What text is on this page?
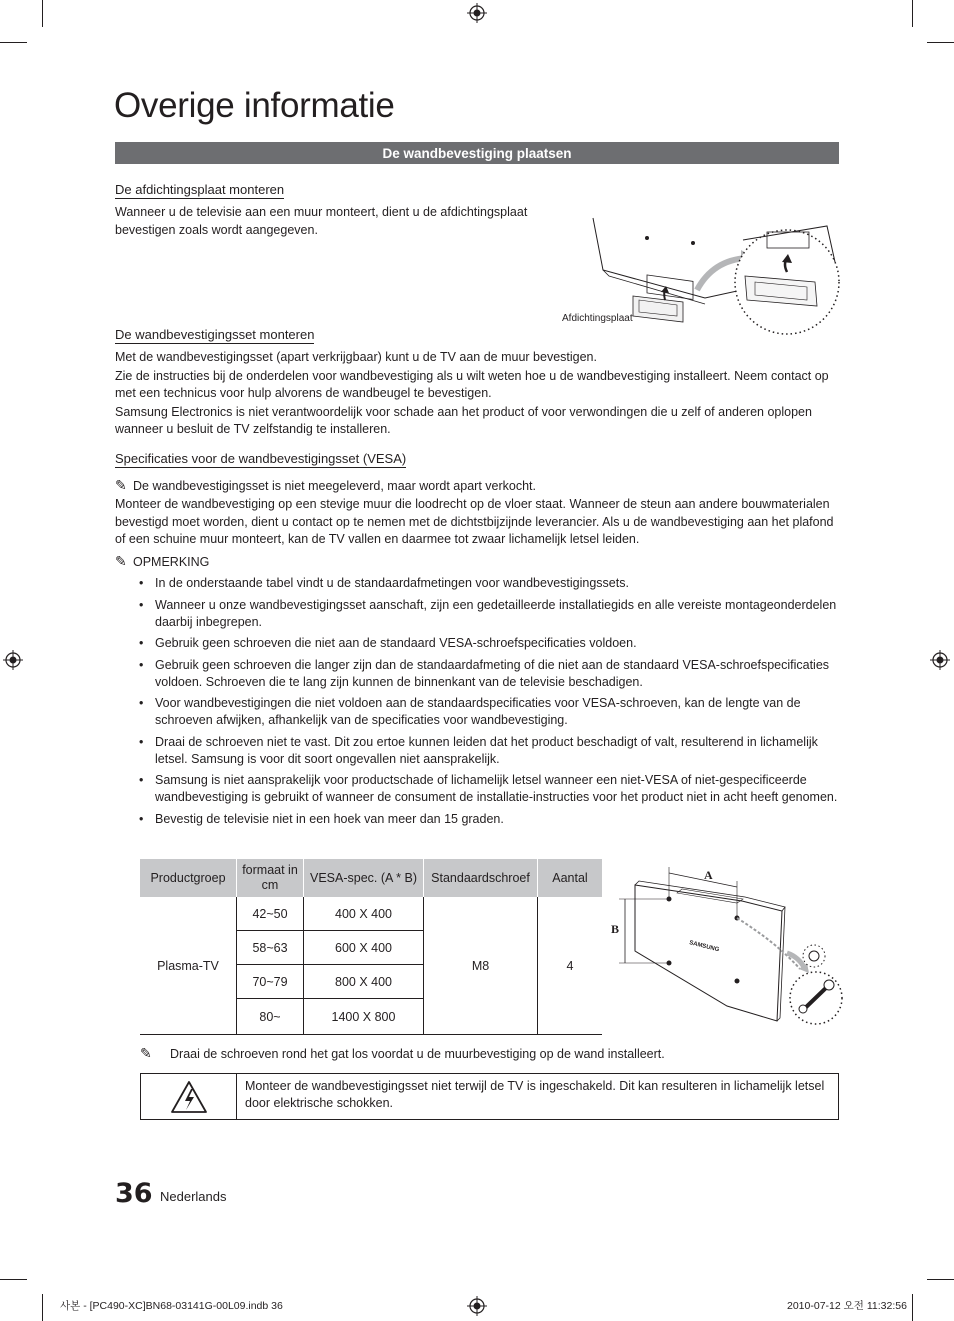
Overige informatie
De wandbevestiging plaatsen
De afdichtingsplaat monteren
Wanneer u de televisie aan een muur monteert, dient u de afdichtingsplaat bevestigen zoals wordt aangegeven.
Afdichtingsplaat
De wandbevestigingsset monteren

Met de wandbevestigingsset (apart verkrijgbaar) kunt u de TV aan de muur bevestigen.

Zie de instructies bij de onderdelen voor wandbevestiging als u wilt weten hoe u de wandbevestiging installeert. Neem contact op met een technicus voor hulp alvorens de wandbeugel te bevestigen.

Samsung Electronics is niet verantwoordelijk voor schade aan het product of voor verwondingen die u zelf of anderen oplopen wanneer u besluit de TV zelfstandig te installeren.

Specificaties voor de wandbevestigingsset (VESA)
✎ De wandbevestigingsset is niet meegeleverd, maar wordt apart verkocht.
Monteer de wandbevestiging op een stevige muur die loodrecht op de vloer staat. Wanneer de steun aan andere bouwmaterialen bevestigd moet worden, dient u contact op te nemen met de dichtstbijzijnde leverancier. Als u de wandbevestiging aan het plafond of een schuine muur monteert, kan de TV vallen en daarmee tot zwaar lichamelijk letsel leiden.
✎ OPMERKING
• In de onderstaande tabel vindt u de standaardafmetingen voor wandbevestigingssets.
• Wanneer u onze wandbevestigingsset aanschaft, zijn een gedetailleerde installatiegids en alle vereiste montageonderdelen daarbij inbegrepen.
• Gebruik geen schroeven die niet aan de standaard VESA-schroefspecificaties voldoen.
• Gebruik geen schroeven die langer zijn dan de standaardafmeting of die niet aan de standaard VESA-schroefspecificaties voldoen. Schroeven die te lang zijn kunnen de binnenkant van de televisie beschadigen.
• Voor wandbevestigingen die niet voldoen aan de standaardspecificaties voor VESA-schroeven, kan de lengte van de schroeven afwijken, afhankelijk van de specificaties voor wandbevestiging.
• Draai de schroeven niet te vast. Dit zou ertoe kunnen leiden dat het product beschadigt of valt, resulterend in lichamelijk letsel. Samsung is voor dit soort ongevallen niet aansprakelijk.
• Samsung is niet aansprakelijk voor productschade of lichamelijk letsel wanneer een niet-VESA of niet-gespecificeerde wandbevestiging is gebruikt of wanneer de consument de installatie-instructies voor het product niet in acht heeft genomen.
• Bevestig de televisie niet in een hoek van meer dan 15 graden.
Productgroep	formaat in cm	VESA-spec. (A * B)	Standaardschroef	Aantal
Plasma-TV	42~50	400 X 400	M8	4
	58~63	600 X 400		
	70~79	800 X 400		
	80~	1400 X 800		
A
B
SAMSUNG
✎ Draai de schroeven rond het gat los voordat u de muurbevestiging op de wand installeert.
Monteer de wandbevestigingsset niet terwijl de TV is ingeschakeld. Dit kan resulteren in lichamelijk letsel door elektrische schokken.
36 Nederlands
사본 - [PC490-XC]BN68-03141G-00L09.indb 36	2010-07-12 오전 11:32:56
